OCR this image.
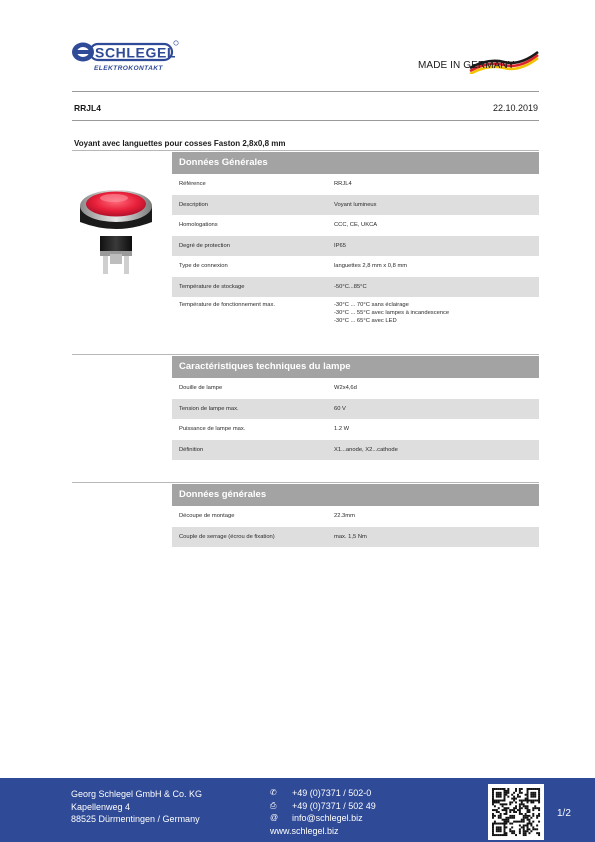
SCHLEGEL
ELEKTROKONTAKT	MADE IN GERMANY
RRJL4	22.10.2019
Voyant avec languettes pour cosses Faston 2,8x0,8 mm
Données Générales
Référence	RRJL4
Description	Voyant lumineux
Homologations	CCC, CE, UKCA
Degré de protection	IP65
Type de connexion	languettes 2,8 mm x 0,8 mm
Température de stockage	-50°C...85°C
Température de fonctionnement max.	-30°C ... 70°C sans éclairage
-30°C ... 55°C avec lampes à incandescence
-30°C ... 65°C avec LED
Caractéristiques techniques du lampe
Douille de lampe	W2x4,6d
Tension de lampe max.	60 V
Puissance de lampe max.	1.2 W
Définition	X1...anode, X2...cathode
Données générales
Découpe de montage	22.3mm
Couple de serrage (écrou de fixation)	max. 1,5 Nm
Georg Schlegel GmbH & Co. KG
Kapellenweg 4
88525 Dürmentingen / Germany
✆	+49 (0)7371 / 502-0
⎙	+49 (0)7371 / 502 49
@	info@schlegel.biz
www.schlegel.biz
1/2
